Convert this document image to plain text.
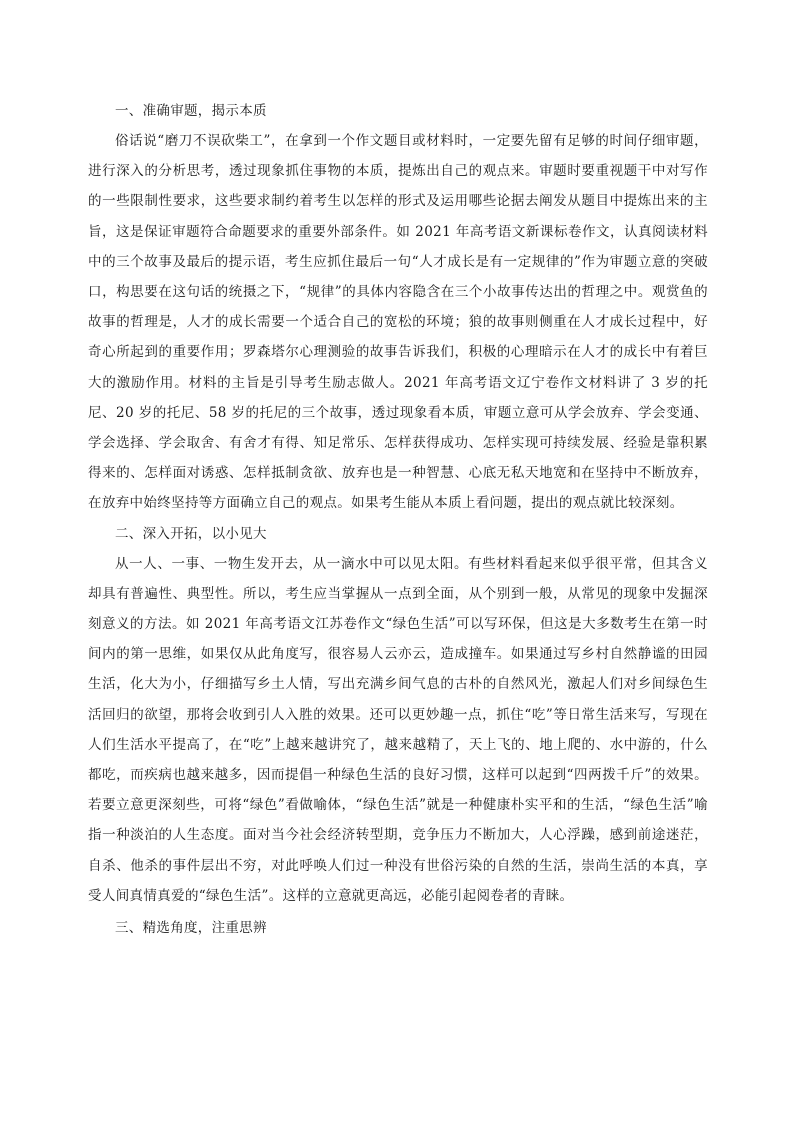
一、准确审题，揭示本质

俗话说“磨刀不误砍柴工”，在拿到一个作文题目或材料时，一定要先留有足够的时间仔细审题，进行深入的分析思考，透过现象抓住事物的本质，提炼出自己的观点来。审题时要重视题干中对写作的一些限制性要求，这些要求制约着考生以怎样的形式及运用哪些论据去阐发从题目中提炼出来的主旨，这是保证审题符合命题要求的重要外部条件。如 2021 年高考语文新课标卷作文，认真阅读材料中的三个故事及最后的提示语，考生应抓住最后一句“人才成长是有一定规律的”作为审题立意的突破口，构思要在这句话的统摄之下，“规律”的具体内容隐含在三个小故事传达出的哲理之中。观赏鱼的故事的哲理是，人才的成长需要一个适合自己的宽松的环境；狼的故事则侧重在人才成长过程中，好奇心所起到的重要作用；罗森塔尔心理测验的故事告诉我们，积极的心理暗示在人才的成长中有着巨大的激励作用。材料的主旨是引导考生励志做人。2021 年高考语文辽宁卷作文材料讲了 3 岁的托尼、20 岁的托尼、58 岁的托尼的三个故事，透过现象看本质，审题立意可从学会放弃、学会变通、学会选择、学会取舍、有舍才有得、知足常乐、怎样获得成功、怎样实现可持续发展、经验是靠积累得来的、怎样面对诱惑、怎样抵制贪欲、放弃也是一种智慧、心底无私天地宽和在坚持中不断放弃，在放弃中始终坚持等方面确立自己的观点。如果考生能从本质上看问题，提出的观点就比较深刻。

二、深入开拓，以小见大

从一人、一事、一物生发开去，从一滴水中可以见太阳。有些材料看起来似乎很平常，但其含义却具有普遍性、典型性。所以，考生应当掌握从一点到全面，从个别到一般，从常见的现象中发掘深刻意义的方法。如 2021 年高考语文江苏卷作文“绿色生活”可以写环保，但这是大多数考生在第一时间内的第一思维，如果仅从此角度写，很容易人云亦云，造成撞车。如果通过写乡村自然静谧的田园生活，化大为小，仔细描写乡土人情，写出充满乡间气息的古朴的自然风光，激起人们对乡间绿色生活回归的欲望，那将会收到引人入胜的效果。还可以更妙趣一点，抓住“吃”等日常生活来写，写现在人们生活水平提高了，在“吃”上越来越讲究了，越来越精了，天上飞的、地上爬的、水中游的，什么都吃，而疾病也越来越多，因而提倡一种绿色生活的良好习惯，这样可以起到“四两拨千斤”的效果。若要立意更深刻些，可将“绿色”看做喻体，“绿色生活”就是一种健康朴实平和的生活，“绿色生活”喻指一种淡泊的人生态度。面对当今社会经济转型期，竞争压力不断加大，人心浮躁，感到前途迷茫，自杀、他杀的事件层出不穷，对此呼唤人们过一种没有世俗污染的自然的生活，崇尚生活的本真，享受人间真情真爱的“绿色生活”。这样的立意就更高远，必能引起阅卷者的青睐。

三、精选角度，注重思辨
